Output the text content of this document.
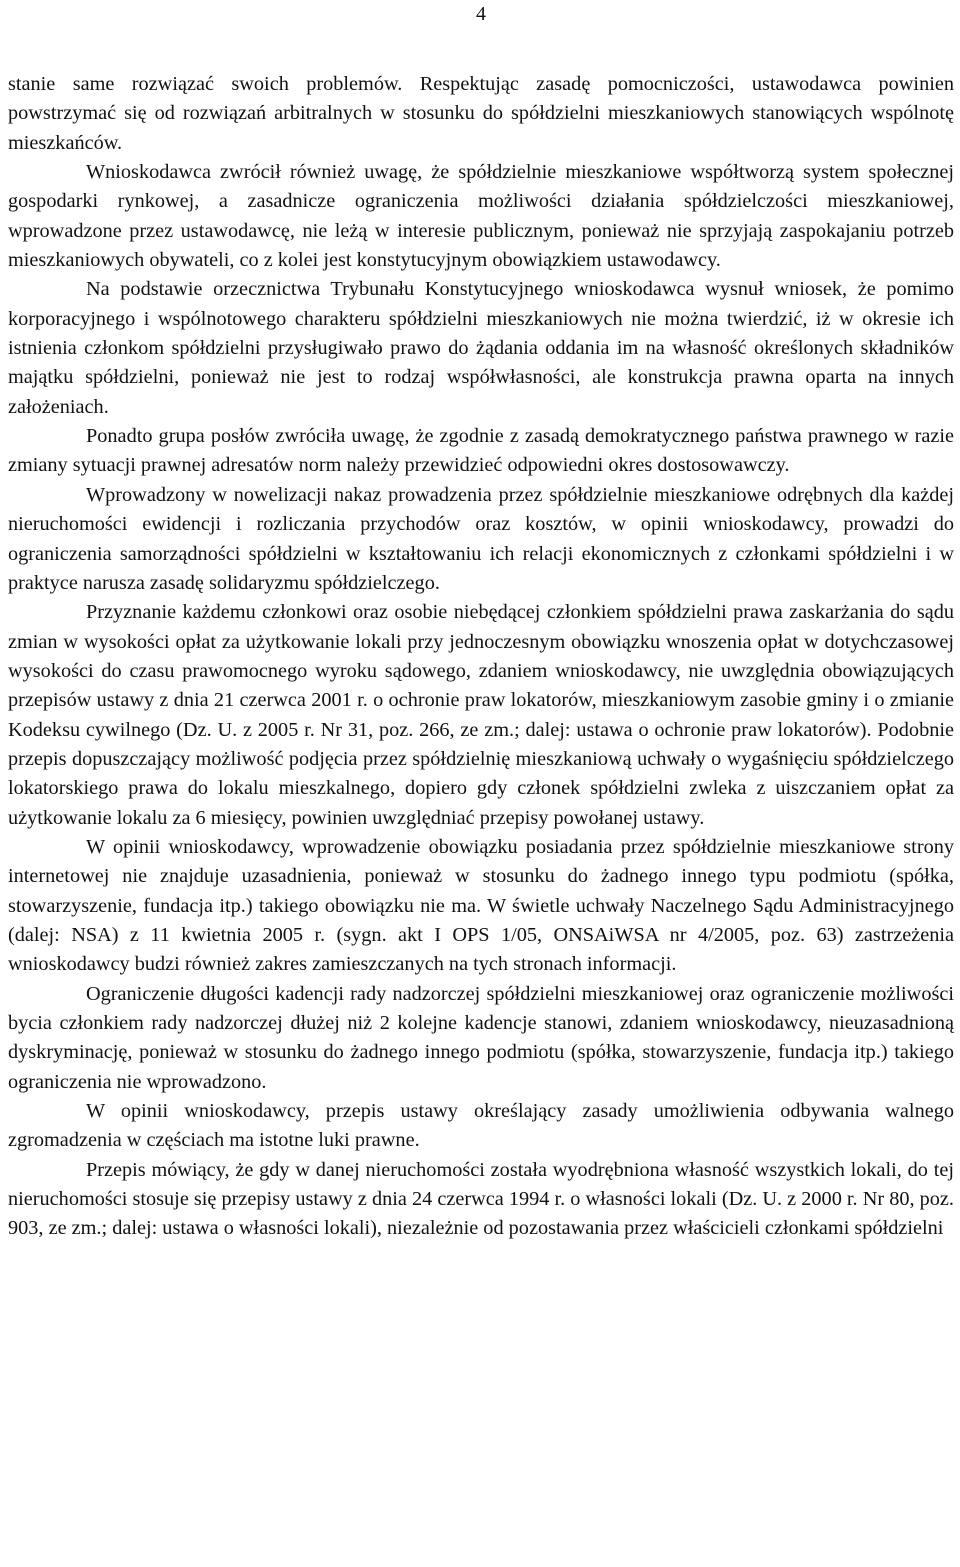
4

stanie same rozwiązać swoich problemów. Respektując zasadę pomocniczości, ustawodawca powinien powstrzymać się od rozwiązań arbitralnych w stosunku do spółdzielni mieszkaniowych stanowiących wspólnotę mieszkańców.

Wnioskodawca zwrócił również uwagę, że spółdzielnie mieszkaniowe współtworzą system społecznej gospodarki rynkowej, a zasadnicze ograniczenia możliwości działania spółdzielczości mieszkaniowej, wprowadzone przez ustawodawcę, nie leżą w interesie publicznym, ponieważ nie sprzyjają zaspokajaniu potrzeb mieszkaniowych obywateli, co z kolei jest konstytucyjnym obowiązkiem ustawodawcy.

Na podstawie orzecznictwa Trybunału Konstytucyjnego wnioskodawca wysnuł wniosek, że pomimo korporacyjnego i wspólnotowego charakteru spółdzielni mieszkaniowych nie można twierdzić, iż w okresie ich istnienia członkom spółdzielni przysługiwało prawo do żądania oddania im na własność określonych składników majątku spółdzielni, ponieważ nie jest to rodzaj współwłasności, ale konstrukcja prawna oparta na innych założeniach.

Ponadto grupa posłów zwróciła uwagę, że zgodnie z zasadą demokratycznego państwa prawnego w razie zmiany sytuacji prawnej adresatów norm należy przewidzieć odpowiedni okres dostosowawczy.

Wprowadzony w nowelizacji nakaz prowadzenia przez spółdzielnie mieszkaniowe odrębnych dla każdej nieruchomości ewidencji i rozliczania przychodów oraz kosztów, w opinii wnioskodawcy, prowadzi do ograniczenia samorządności spółdzielni w kształtowaniu ich relacji ekonomicznych z członkami spółdzielni i w praktyce narusza zasadę solidaryzmu spółdzielczego.

Przyznanie każdemu członkowi oraz osobie niebędącej członkiem spółdzielni prawa zaskarżania do sądu zmian w wysokości opłat za użytkowanie lokali przy jednoczesnym obowiązku wnoszenia opłat w dotychczasowej wysokości do czasu prawomocnego wyroku sądowego, zdaniem wnioskodawcy, nie uwzględnia obowiązujących przepisów ustawy z dnia 21 czerwca 2001 r. o ochronie praw lokatorów, mieszkaniowym zasobie gminy i o zmianie Kodeksu cywilnego (Dz. U. z 2005 r. Nr 31, poz. 266, ze zm.; dalej: ustawa o ochronie praw lokatorów). Podobnie przepis dopuszczający możliwość podjęcia przez spółdzielnię mieszkaniową uchwały o wygaśnięciu spółdzielczego lokatorskiego prawa do lokalu mieszkalnego, dopiero gdy członek spółdzielni zwleka z uiszczaniem opłat za użytkowanie lokalu za 6 miesięcy, powinien uwzględniać przepisy powołanej ustawy.

W opinii wnioskodawcy, wprowadzenie obowiązku posiadania przez spółdzielnie mieszkaniowe strony internetowej nie znajduje uzasadnienia, ponieważ w stosunku do żadnego innego typu podmiotu (spółka, stowarzyszenie, fundacja itp.) takiego obowiązku nie ma. W świetle uchwały Naczelnego Sądu Administracyjnego (dalej: NSA) z 11 kwietnia 2005 r. (sygn. akt I OPS 1/05, ONSAiWSA nr 4/2005, poz. 63) zastrzeżenia wnioskodawcy budzi również zakres zamieszczanych na tych stronach informacji.

Ograniczenie długości kadencji rady nadzorczej spółdzielni mieszkaniowej oraz ograniczenie możliwości bycia członkiem rady nadzorczej dłużej niż 2 kolejne kadencje stanowi, zdaniem wnioskodawcy, nieuzasadnioną dyskryminację, ponieważ w stosunku do żadnego innego podmiotu (spółka, stowarzyszenie, fundacja itp.) takiego ograniczenia nie wprowadzono.

W opinii wnioskodawcy, przepis ustawy określający zasady umożliwienia odbywania walnego zgromadzenia w częściach ma istotne luki prawne.

Przepis mówiący, że gdy w danej nieruchomości została wyodrębniona własność wszystkich lokali, do tej nieruchomości stosuje się przepisy ustawy z dnia 24 czerwca 1994 r. o własności lokali (Dz. U. z 2000 r. Nr 80, poz. 903, ze zm.; dalej: ustawa o własności lokali), niezależnie od pozostawania przez właścicieli członkami spółdzielni
